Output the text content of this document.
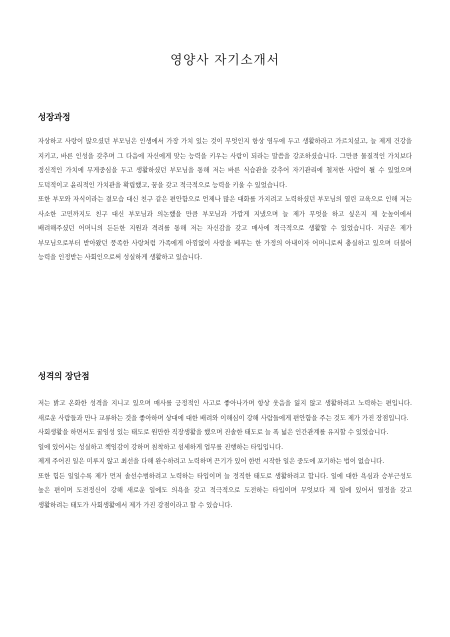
영양사 자기소개서
성장과정

자상하고 사랑이 많으셨던 부모님은 인생에서 가장 가치 있는 것이 무엇인지 항상 염두에 두고 생활하라고 가르치셨고, 늘 제게 건강을 지키고, 바른 인성을 갖추며 그 다음에 자신에게 맞는 능력을 키우는 사람이 되라는 말씀을 강조하셨습니다. 그만큼 물질적인 가치보다 정신적인 가치에 무게중심을 두고 생활하셨던 부모님을 통해 저는 바른 식습관을 갖추어 자기관리에 철저한 사람이 될 수 있었으며 도덕적이고 윤리적인 가치관을 확립했고, 꿈을 갖고 적극적으로 능력을 키울 수 있었습니다.

또한 부모와 자식이라는 결모습 대신 친구 같은 편안함으로 언제나 많은 대화를 가지려고 노력하셨던 부모님의 열린 교육으로 인해 저는 사소한 고민까지도 친구 대신 부모님과 의논했을 만큼 부모님과 가깝게 지냈으며 늘 제가 무엇을 하고 싶은지 제 눈높이에서 배려해주셨던 어머니의 든든한 지원과 격려를 통해 저는 자신감을 갖고 매사에 적극적으로 생활할 수 있었습니다. 지금은 제가 부모님으로부터 받아왔던 풍족한 사랑처럼 가족에게 아낌없이 사랑을 베푸는 한 가정의 아내이자 어머니로써 충실하고 있으며 더불어 능력을 인정받는 사회인으로써 성실하게 생활하고 있습니다.

성격의 장단점

저는 밝고 온화한 성격을 지니고 있으며 매사를 긍정적인 사고로 좋아나가며 항상 웃음을 잃지 않고 생활하려고 노력하는 편입니다. 새로운 사람들과 만나 교류하는 것을 좋아하며 상대에 대한 배려와 이해심이 강해 사람들에게 편안함을 주는 것도 제가 가진 장점입니다.

사회생활을 하면서도 꿀임성 있는 태도로 원만한 직장생활을 했으며 진솔한 태도로 늘 폭 넓은 인간관계를 유지할 수 있었습니다.

일에 있어서는 성실하고 책임감이 강하며 침착하고 섬세하게 업무를 진행하는 타입입니다.

제게 주어진 일은 미루지 않고 최선을 다해 완수하려고 노력하며 끈기가 있어 한번 시작한 일은 중도에 포기하는 법이 없습니다.

또한 힘든 일일수록 제가 먼저 솔선수범하려고 노력하는 타입이며 늘 정직한 태도로 생활하려고 합니다. 일에 대한 욕심과 승부근성도 높은 편이며 도전정신이 강해 새로운 일에도 의욕을 갖고 적극적으로 도전하는 타입이며 무엇보다 제 일에 있어서 열정을 갖고 생활하려는 태도가 사회생활에서 제가 가진 강점이라고 할 수 있습니다.
